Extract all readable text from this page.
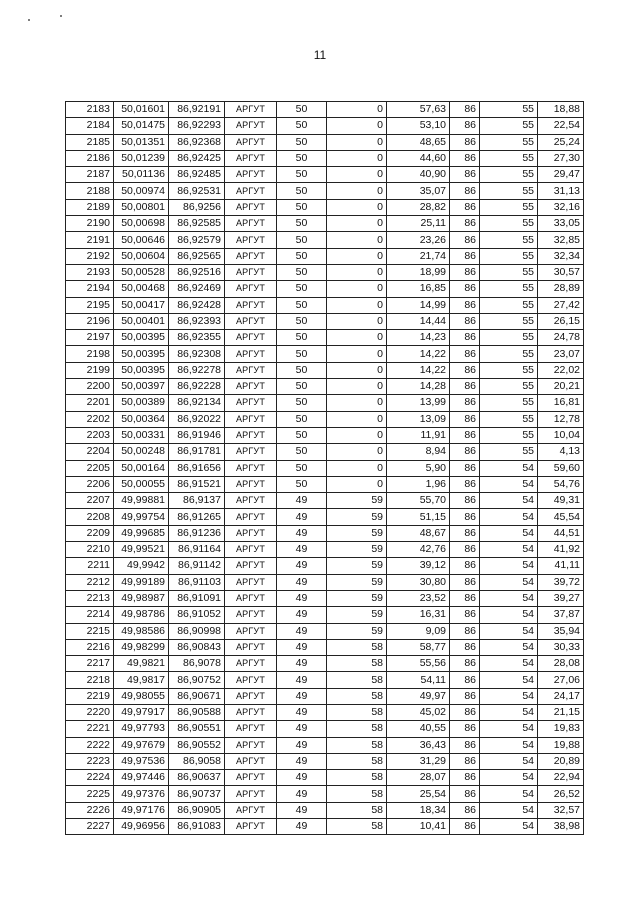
11
2183	50,01601	86,92191	АРГУТ	50	0	57,63	86	55	18,88
2184	50,01475	86,92293	АРГУТ	50	0	53,10	86	55	22,54
2185	50,01351	86,92368	АРГУТ	50	0	48,65	86	55	25,24
2186	50,01239	86,92425	АРГУТ	50	0	44,60	86	55	27,30
2187	50,01136	86,92485	АРГУТ	50	0	40,90	86	55	29,47
2188	50,00974	86,92531	АРГУТ	50	0	35,07	86	55	31,13
2189	50,00801	86,9256	АРГУТ	50	0	28,82	86	55	32,16
2190	50,00698	86,92585	АРГУТ	50	0	25,11	86	55	33,05
2191	50,00646	86,92579	АРГУТ	50	0	23,26	86	55	32,85
2192	50,00604	86,92565	АРГУТ	50	0	21,74	86	55	32,34
2193	50,00528	86,92516	АРГУТ	50	0	18,99	86	55	30,57
2194	50,00468	86,92469	АРГУТ	50	0	16,85	86	55	28,89
2195	50,00417	86,92428	АРГУТ	50	0	14,99	86	55	27,42
2196	50,00401	86,92393	АРГУТ	50	0	14,44	86	55	26,15
2197	50,00395	86,92355	АРГУТ	50	0	14,23	86	55	24,78
2198	50,00395	86,92308	АРГУТ	50	0	14,22	86	55	23,07
2199	50,00395	86,92278	АРГУТ	50	0	14,22	86	55	22,02
2200	50,00397	86,92228	АРГУТ	50	0	14,28	86	55	20,21
2201	50,00389	86,92134	АРГУТ	50	0	13,99	86	55	16,81
2202	50,00364	86,92022	АРГУТ	50	0	13,09	86	55	12,78
2203	50,00331	86,91946	АРГУТ	50	0	11,91	86	55	10,04
2204	50,00248	86,91781	АРГУТ	50	0	8,94	86	55	4,13
2205	50,00164	86,91656	АРГУТ	50	0	5,90	86	54	59,60
2206	50,00055	86,91521	АРГУТ	50	0	1,96	86	54	54,76
2207	49,99881	86,9137	АРГУТ	49	59	55,70	86	54	49,31
2208	49,99754	86,91265	АРГУТ	49	59	51,15	86	54	45,54
2209	49,99685	86,91236	АРГУТ	49	59	48,67	86	54	44,51
2210	49,99521	86,91164	АРГУТ	49	59	42,76	86	54	41,92
2211	49,9942	86,91142	АРГУТ	49	59	39,12	86	54	41,11
2212	49,99189	86,91103	АРГУТ	49	59	30,80	86	54	39,72
2213	49,98987	86,91091	АРГУТ	49	59	23,52	86	54	39,27
2214	49,98786	86,91052	АРГУТ	49	59	16,31	86	54	37,87
2215	49,98586	86,90998	АРГУТ	49	59	9,09	86	54	35,94
2216	49,98299	86,90843	АРГУТ	49	58	58,77	86	54	30,33
2217	49,9821	86,9078	АРГУТ	49	58	55,56	86	54	28,08
2218	49,9817	86,90752	АРГУТ	49	58	54,11	86	54	27,06
2219	49,98055	86,90671	АРГУТ	49	58	49,97	86	54	24,17
2220	49,97917	86,90588	АРГУТ	49	58	45,02	86	54	21,15
2221	49,97793	86,90551	АРГУТ	49	58	40,55	86	54	19,83
2222	49,97679	86,90552	АРГУТ	49	58	36,43	86	54	19,88
2223	49,97536	86,9058	АРГУТ	49	58	31,29	86	54	20,89
2224	49,97446	86,90637	АРГУТ	49	58	28,07	86	54	22,94
2225	49,97376	86,90737	АРГУТ	49	58	25,54	86	54	26,52
2226	49,97176	86,90905	АРГУТ	49	58	18,34	86	54	32,57
2227	49,96956	86,91083	АРГУТ	49	58	10,41	86	54	38,98
